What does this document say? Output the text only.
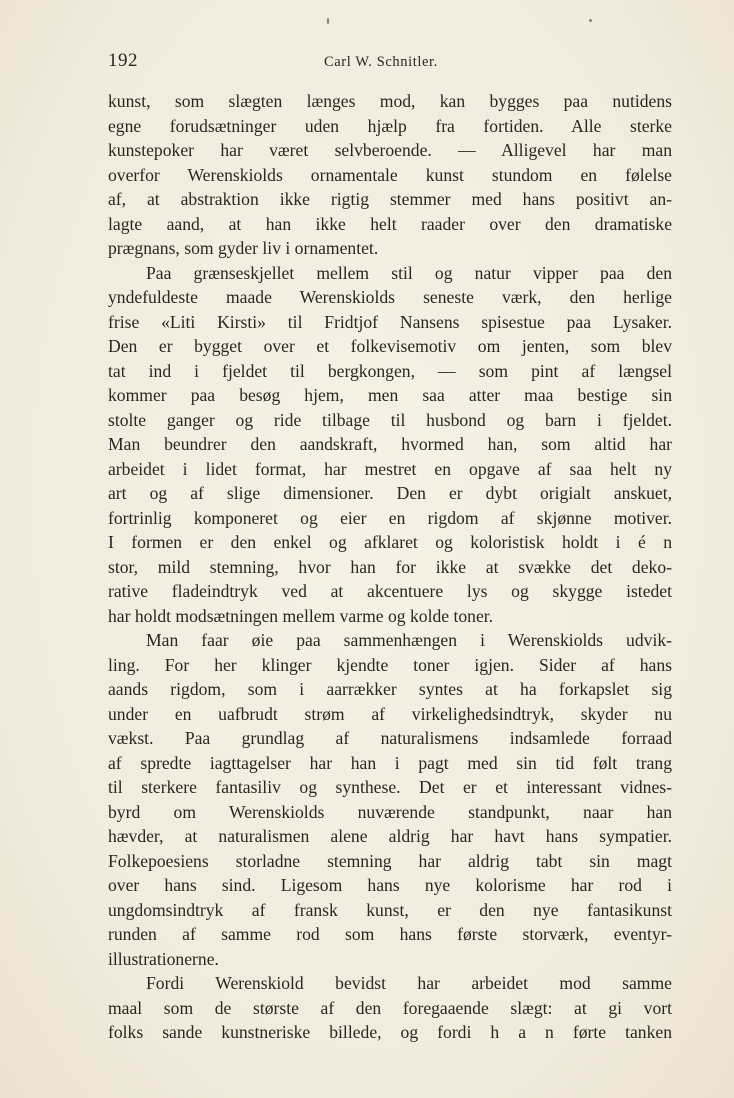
192	Carl W. Schnitler.
kunst, som slægten længes mod, kan bygges paa nutidens
egne forudsætninger uden hjælp fra fortiden. Alle sterke
kunstepoker har været selvberoende. — Alligevel har man
overfor Werenskiolds ornamentale kunst stundom en følelse
af, at abstraktion ikke rigtig stemmer med hans positivt an-
lagte aand, at han ikke helt raader over den dramatiske
prægnans, som gyder liv i ornamentet.
Paa grænseskjellet mellem stil og natur vipper paa den
yndefuldeste maade Werenskiolds seneste værk, den herlige
frise «Liti Kirsti» til Fridtjof Nansens spisestue paa Lysaker.
Den er bygget over et folkevisemotiv om jenten, som blev
tat ind i fjeldet til bergkongen, — som pint af længsel
kommer paa besøg hjem, men saa atter maa bestige sin
stolte ganger og ride tilbage til husbond og barn i fjeldet.
Man beundrer den aandskraft, hvormed han, som altid har
arbeidet i lidet format, har mestret en opgave af saa helt ny
art og af slige dimensioner. Den er dybt origialt anskuet,
fortrinlig komponeret og eier en rigdom af skjønne motiver.
I formen er den enkel og afklaret og koloristisk holdt i é n
stor, mild stemning, hvor han for ikke at svække det deko-
rative fladeindtryk ved at akcentuere lys og skygge istedet
har holdt modsætningen mellem varme og kolde toner.
Man faar øie paa sammenhængen i Werenskiolds udvik-
ling. For her klinger kjendte toner igjen. Sider af hans
aands rigdom, som i aarrækker syntes at ha forkapslet sig
under en uafbrudt strøm af virkelighedsindtryk, skyder nu
vækst. Paa grundlag af naturalismens indsamlede forraad
af spredte iagttagelser har han i pagt med sin tid følt trang
til sterkere fantasiliv og synthese. Det er et interessant vidnes-
byrd om Werenskiolds nuværende standpunkt, naar han
hævder, at naturalismen alene aldrig har havt hans sympatier.
Folkepoesiens storladne stemning har aldrig tabt sin magt
over hans sind. Ligesom hans nye kolorisme har rod i
ungdomsindtryk af fransk kunst, er den nye fantasikunst
runden af samme rod som hans første storværk, eventyr-
illustrationerne.
Fordi Werenskiold bevidst har arbeidet mod samme
maal som de største af den foregaaende slægt: at gi vort
folks sande kunstneriske billede, og fordi h a n førte tanken
